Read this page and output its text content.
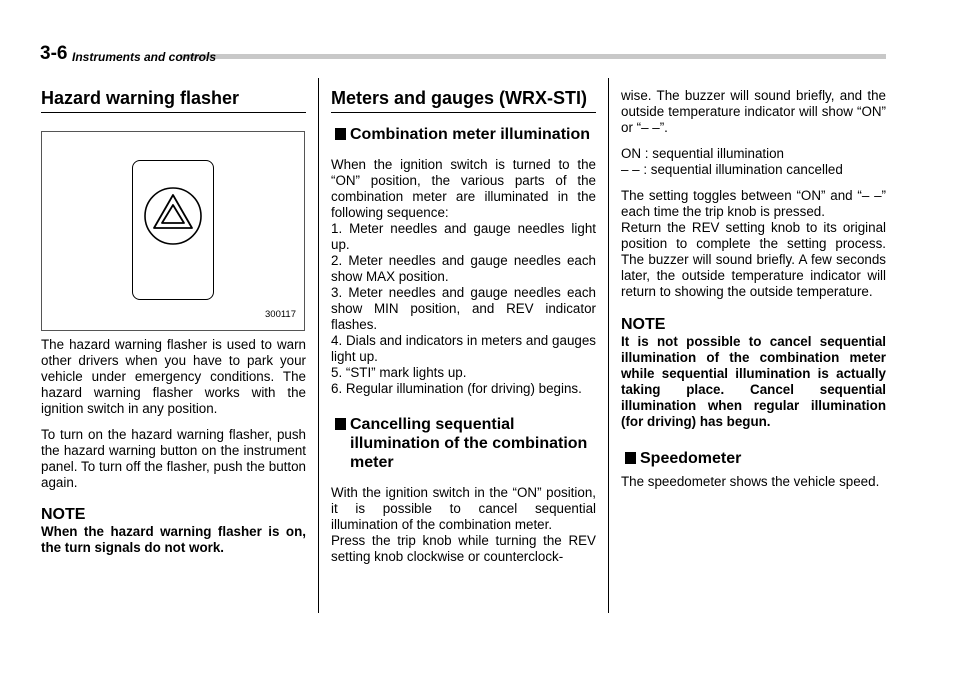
3-6 Instruments and controls
Hazard warning flasher
300117

The hazard warning flasher is used to warn other drivers when you have to park your vehicle under emergency conditions. The hazard warning flasher works with the ignition switch in any position.

To turn on the hazard warning flasher, push the hazard warning button on the instrument panel. To turn off the flasher, push the button again.

NOTE

When the hazard warning flasher is on, the turn signals do not work.

Meters and gauges (WRX-STI)
Combination meter illumination

When the ignition switch is turned to the “ON” position, the various parts of the combination meter are illuminated in the following sequence:

1. Meter needles and gauge needles light up.

2. Meter needles and gauge needles each show MAX position.

3. Meter needles and gauge needles each show MIN position, and REV indicator flashes.

4. Dials and indicators in meters and gauges light up.

5. “STI” mark lights up.

6. Regular illumination (for driving) begins.

Cancelling sequential illumination of the combination meter

With the ignition switch in the “ON” position, it is possible to cancel sequential illumination of the combination meter.

Press the trip knob while turning the REV setting knob clockwise or counterclock-

wise. The buzzer will sound briefly, and the outside temperature indicator will show “ON” or “– –”.

ON : sequential illumination

– – : sequential illumination cancelled

The setting toggles between “ON” and “– –” each time the trip knob is pressed.

Return the REV setting knob to its original position to complete the setting process. The buzzer will sound briefly. A few seconds later, the outside temperature indicator will return to showing the outside temperature.

NOTE

It is not possible to cancel sequential illumination of the combination meter while sequential illumination is actually taking place. Cancel sequential illumination when regular illumination (for driving) has begun.

Speedometer

The speedometer shows the vehicle speed.
